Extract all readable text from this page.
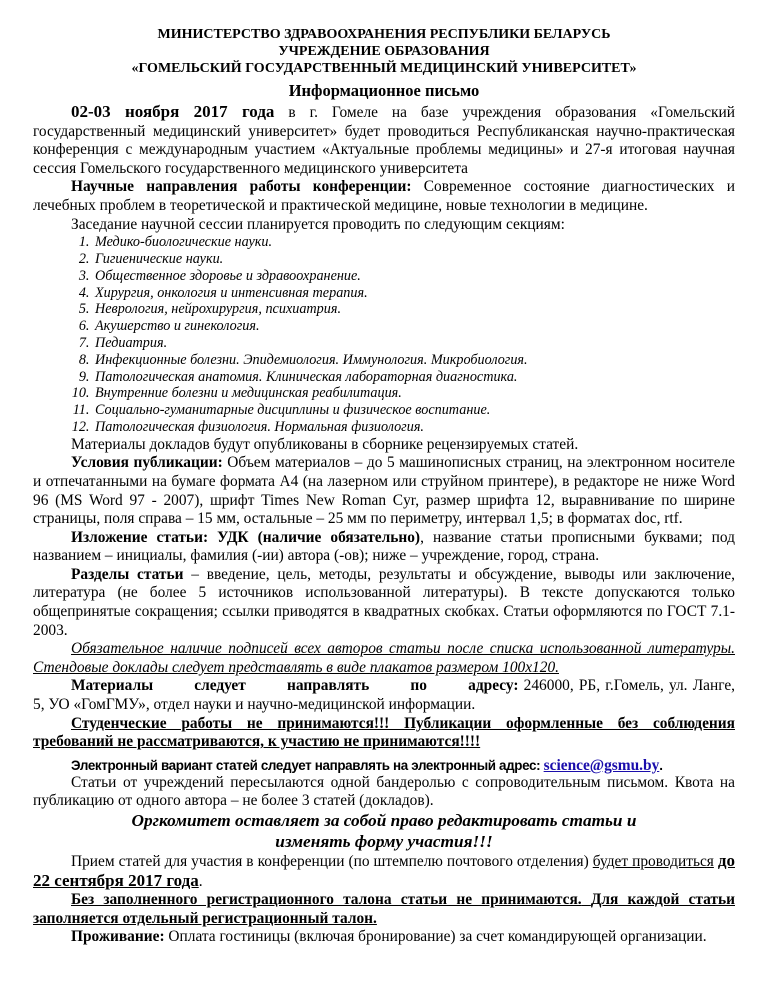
МИНИСТЕРСТВО ЗДРАВООХРАНЕНИЯ РЕСПУБЛИКИ БЕЛАРУСЬ
УЧРЕЖДЕНИЕ ОБРАЗОВАНИЯ
«ГОМЕЛЬСКИЙ ГОСУДАРСТВЕННЫЙ МЕДИЦИНСКИЙ УНИВЕРСИТЕТ»
Информационное письмо

02-03 ноября 2017 года в г. Гомеле на базе учреждения образования «Гомельский государственный медицинский университет» будет проводиться Республиканская научно-практическая конференция с международным участием «Актуальные проблемы медицины» и 27-я итоговая научная сессия Гомельского государственного медицинского университета

Научные направления работы конференции: Современное состояние диагностических и лечебных проблем в теоретической и практической медицине, новые технологии в медицине.

Заседание научной сессии планируется проводить по следующим секциям:

1. Медико-биологические науки.
2. Гигиенические науки.
3. Общественное здоровье и здравоохранение.
4. Хирургия, онкология и интенсивная терапия.
5. Неврология, нейрохирургия, психиатрия.
6. Акушерство и гинекология.
7. Педиатрия.
8. Инфекционные болезни. Эпидемиология. Иммунология. Микробиология.
9. Патологическая анатомия. Клиническая лабораторная диагностика.
10. Внутренние болезни и медицинская реабилитация.
11. Социально-гуманитарные дисциплины и физическое воспитание.
12. Патологическая физиология. Нормальная физиология.

Материалы докладов будут опубликованы в сборнике рецензируемых статей.

Условия публикации: Объем материалов – до 5 машинописных страниц, на электронном носителе и отпечатанными на бумаге формата А4 (на лазерном или струйном принтере), в редакторе не ниже Word 96 (MS Word 97 - 2007), шрифт Times New Roman Cyr, размер шрифта 12, выравнивание по ширине страницы, поля справа – 15 мм, остальные – 25 мм по периметру, интервал 1,5; в форматах doc, rtf.

Изложение статьи: УДК (наличие обязательно), название статьи прописными буквами; под названием – инициалы, фамилия (-ии) автора (-ов); ниже – учреждение, город, страна.

Разделы статьи – введение, цель, методы, результаты и обсуждение, выводы или заключение, литература (не более 5 источников использованной литературы). В тексте допускаются только общепринятые сокращения; ссылки приводятся в квадратных скобках. Статьи оформляются по ГОСТ 7.1-2003.

Обязательное наличие подписей всех авторов статьи после списка использованной литературы. Стендовые доклады следует представлять в виде плакатов размером 100х120.

Материалы следует направлять по адресу: 246000, РБ, г.Гомель, ул. Ланге, 5, УО «ГомГМУ», отдел науки и научно-медицинской информации.

Студенческие работы не принимаются!!! Публикации оформленные без соблюдения требований не рассматриваются, к участию не принимаются!!!!

Электронный вариант статей следует направлять на электронный адрес: science@gsmu.by.

Статьи от учреждений пересылаются одной бандеролью с сопроводительным письмом. Квота на публикацию от одного автора – не более 3 статей (докладов).

Оргкомитет оставляет за собой право редактировать статьи и
изменять форму участия!!!

Прием статей для участия в конференции (по штемпелю почтового отделения) будет проводиться до 22 сентября 2017 года.

Без заполненного регистрационного талона статьи не принимаются. Для каждой статьи заполняется отдельный регистрационный талон.

Проживание: Оплата гостиницы (включая бронирование) за счет командирующей организации.
